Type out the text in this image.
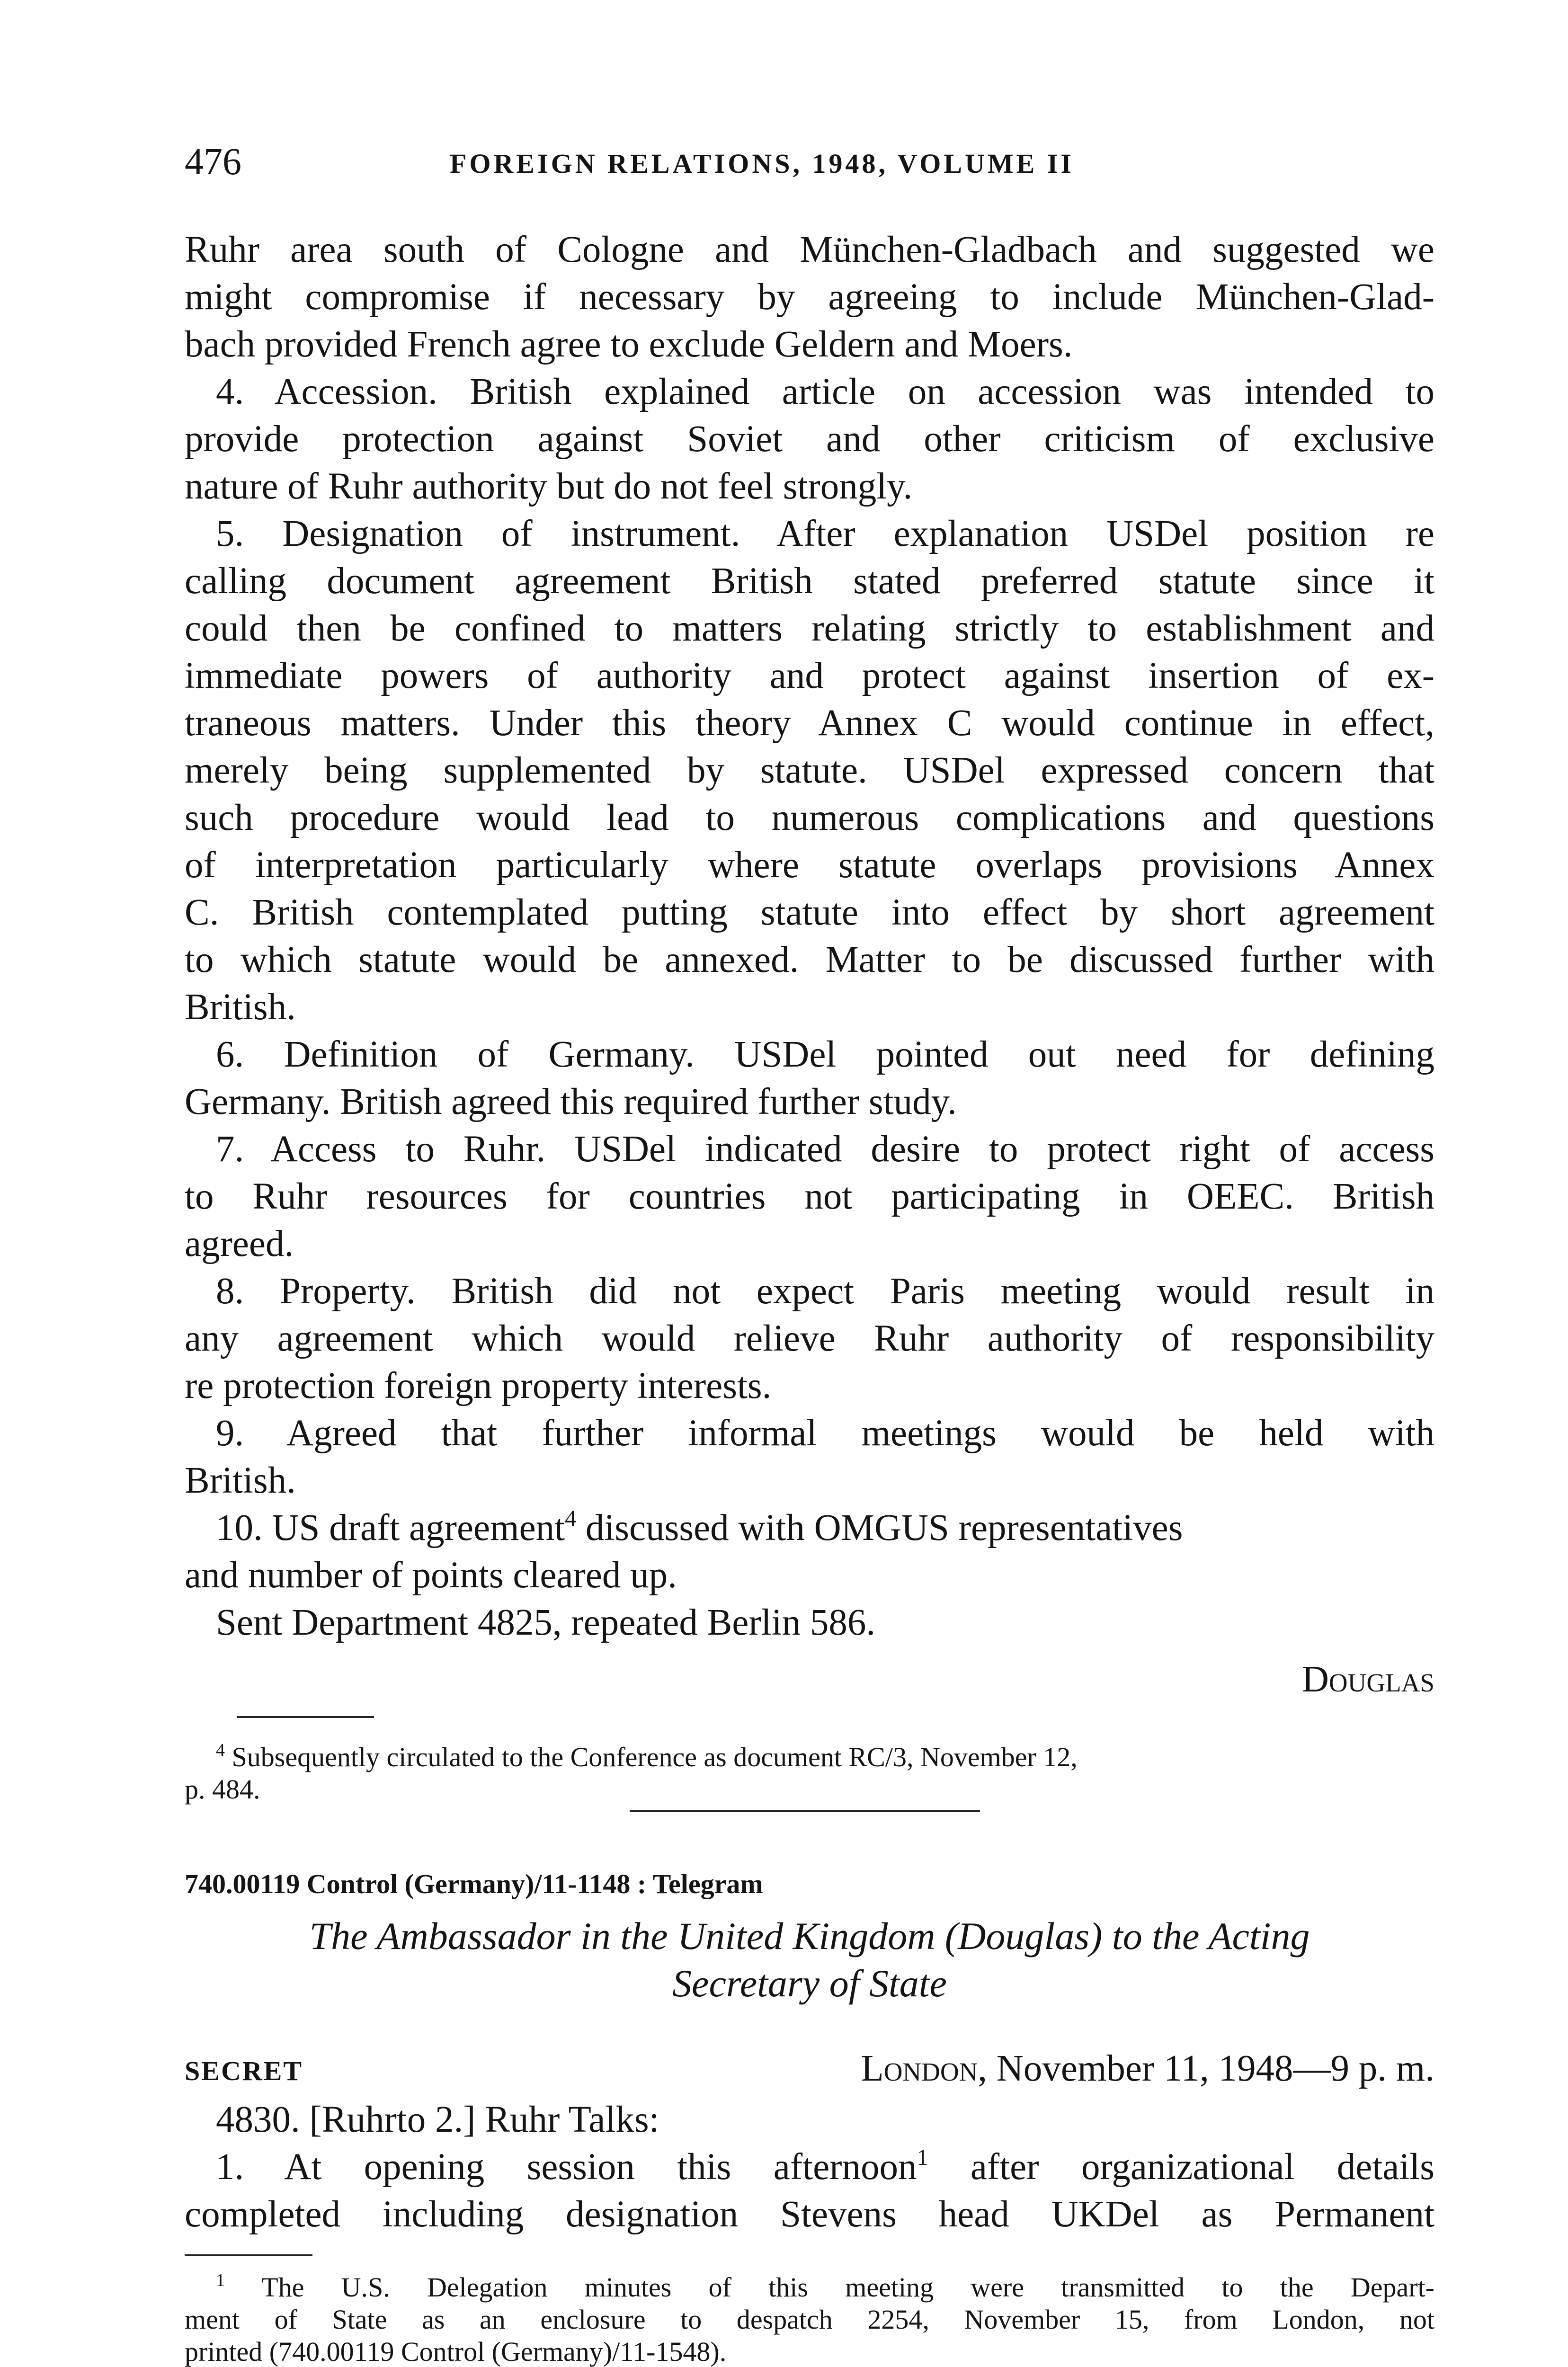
476	FOREIGN RELATIONS, 1948, VOLUME II
Ruhr area south of Cologne and München-Gladbach and suggested we
might compromise if necessary by agreeing to include München-Glad-
bach provided French agree to exclude Geldern and Moers.
4. Accession. British explained article on accession was intended to
provide protection against Soviet and other criticism of exclusive
nature of Ruhr authority but do not feel strongly.
5. Designation of instrument. After explanation USDel position re
calling document agreement British stated preferred statute since it
could then be confined to matters relating strictly to establishment and
immediate powers of authority and protect against insertion of ex-
traneous matters. Under this theory Annex C would continue in effect,
merely being supplemented by statute. USDel expressed concern that
such procedure would lead to numerous complications and questions
of interpretation particularly where statute overlaps provisions Annex
C. British contemplated putting statute into effect by short agreement
to which statute would be annexed. Matter to be discussed further with
British.
6. Definition of Germany. USDel pointed out need for defining
Germany. British agreed this required further study.
7. Access to Ruhr. USDel indicated desire to protect right of access
to Ruhr resources for countries not participating in OEEC. British
agreed.
8. Property. British did not expect Paris meeting would result in
any agreement which would relieve Ruhr authority of responsibility
re protection foreign property interests.
9. Agreed that further informal meetings would be held with
British.
10. US draft agreement$^4$ discussed with OMGUS representatives
and number of points cleared up.
Sent Department 4825, repeated Berlin 586.
Douglas
$^4$ Subsequently circulated to the Conference as document RC/3, November 12,
p. 484.
740.00119 Control (Germany)/11-1148 : Telegram
The Ambassador in the United Kingdom (Douglas) to the Acting
Secretary of State
SECRET	London, November 11, 1948—9 p. m.
4830. [Ruhrto 2.] Ruhr Talks:
1. At opening session this afternoon$^1$ after organizational details
completed including designation Stevens head UKDel as Permanent
$^1$ The U.S. Delegation minutes of this meeting were transmitted to the Depart-
ment of State as an enclosure to despatch 2254, November 15, from London, not
printed (740.00119 Control (Germany)/11-1548).
